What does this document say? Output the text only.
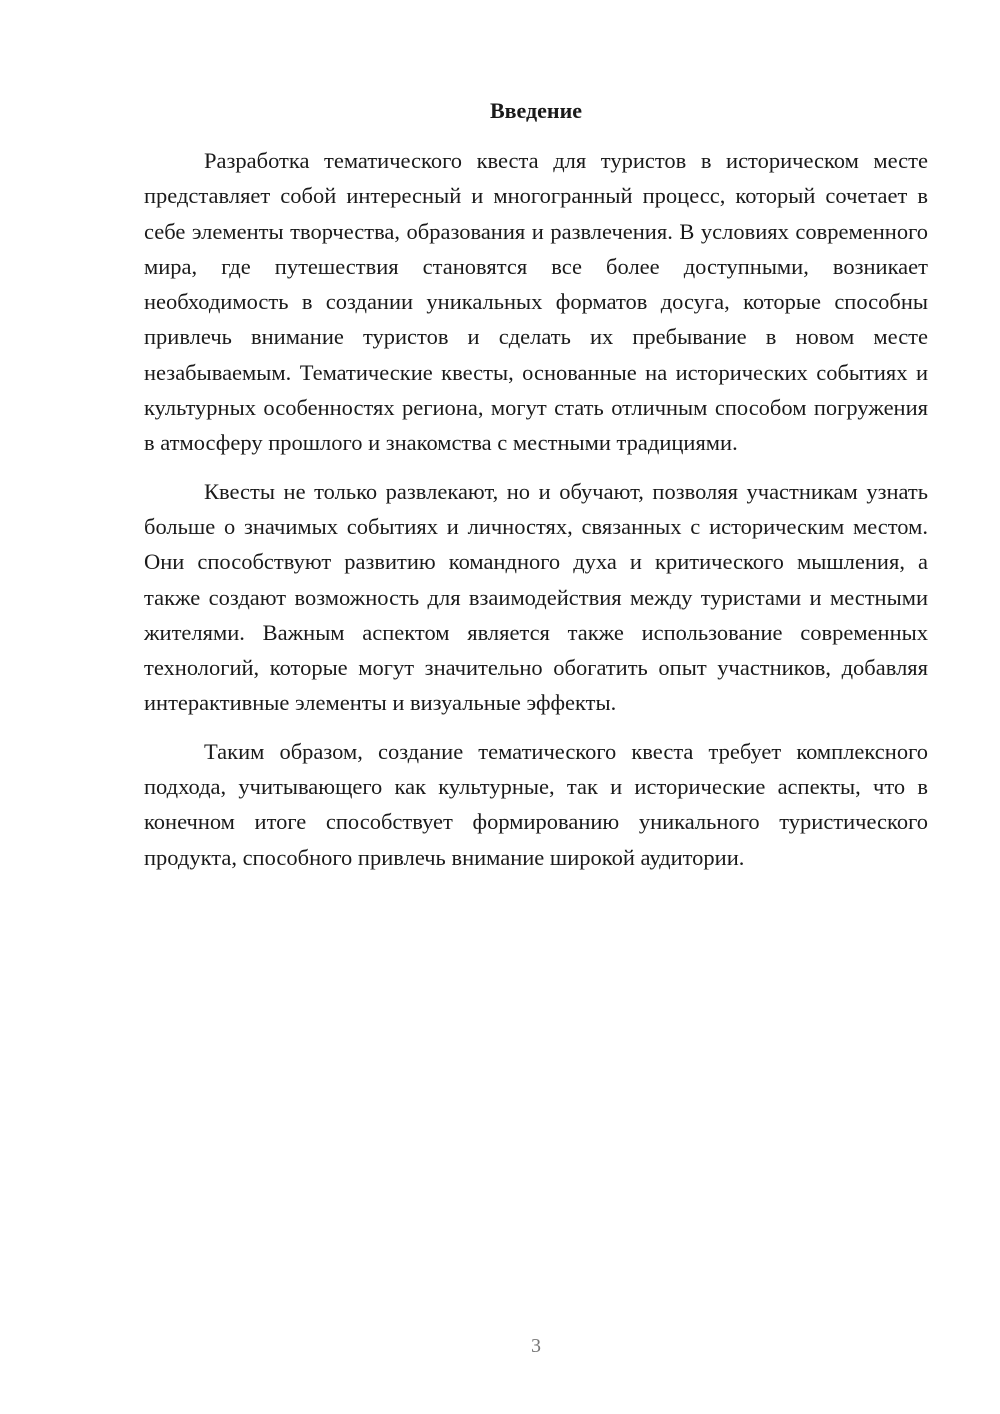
Введение

Разработка тематического квеста для туристов в историческом месте представляет собой интересный и многогранный процесс, который сочетает в себе элементы творчества, образования и развлечения. В условиях современного мира, где путешествия становятся все более доступными, возникает необходимость в создании уникальных форматов досуга, которые способны привлечь внимание туристов и сделать их пребывание в новом месте незабываемым. Тематические квесты, основанные на исторических событиях и культурных особенностях региона, могут стать отличным способом погружения в атмосферу прошлого и знакомства с местными традициями.

Квесты не только развлекают, но и обучают, позволяя участникам узнать больше о значимых событиях и личностях, связанных с историческим местом. Они способствуют развитию командного духа и критического мышления, а также создают возможность для взаимодействия между туристами и местными жителями. Важным аспектом является также использование современных технологий, которые могут значительно обогатить опыт участников, добавляя интерактивные элементы и визуальные эффекты.

Таким образом, создание тематического квеста требует комплексного подхода, учитывающего как культурные, так и исторические аспекты, что в конечном итоге способствует формированию уникального туристического продукта, способного привлечь внимание широкой аудитории.

3
